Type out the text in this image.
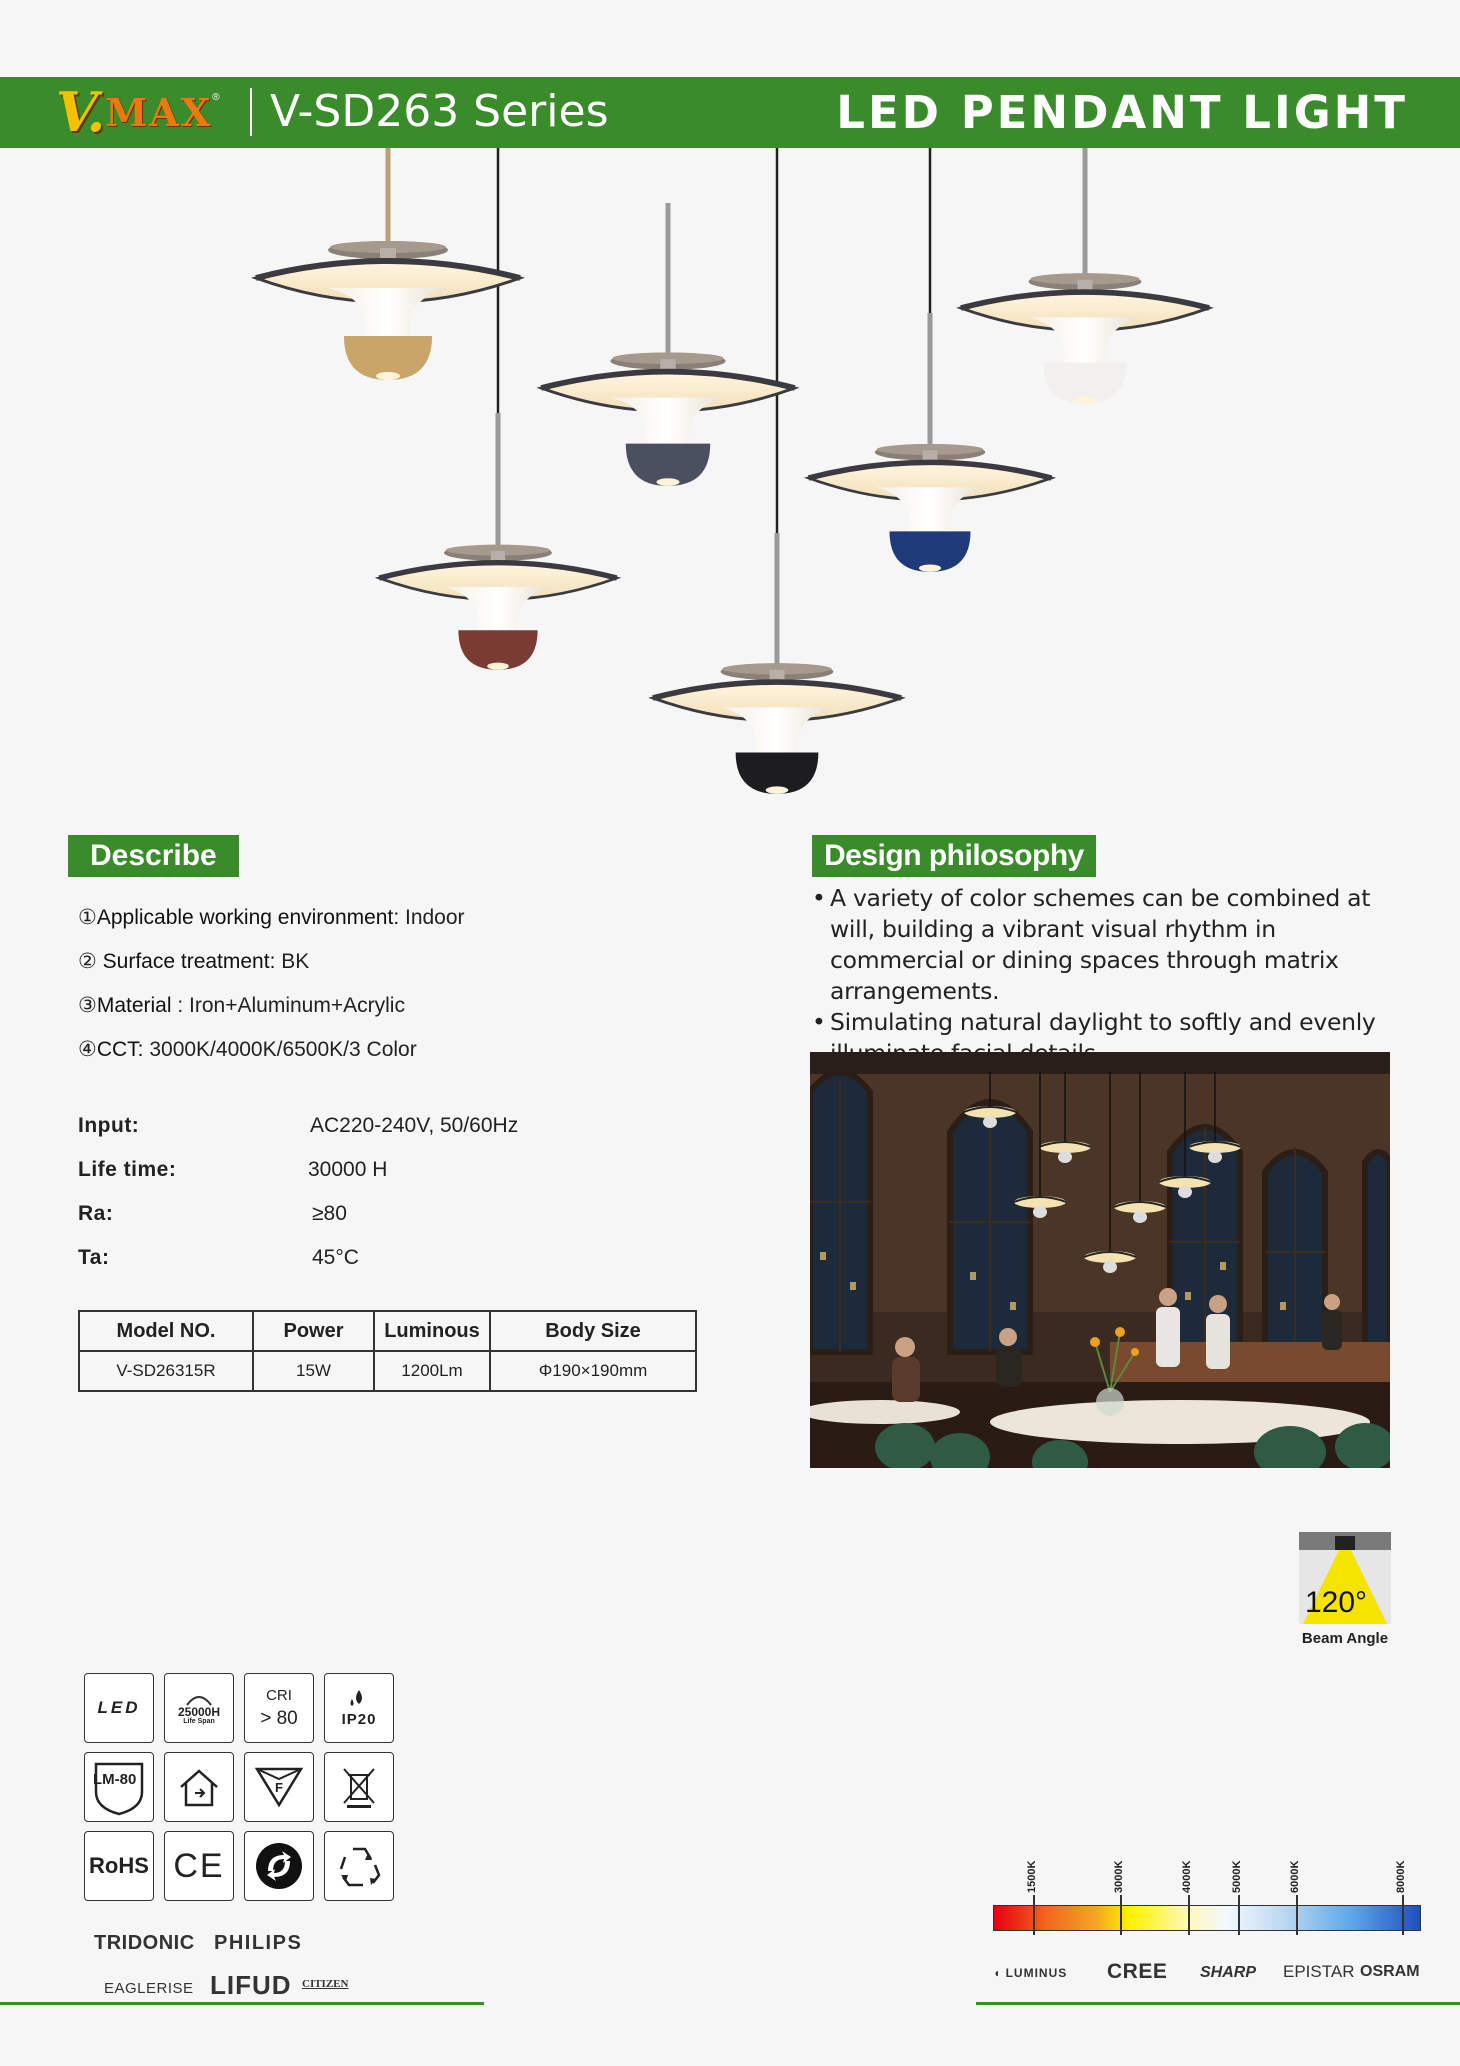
V. MAX ® V-SD263 Series	LED PENDANT LIGHT
Describe
①Applicable working environment: Indoor
② Surface treatment: BK
③Material : Iron+Aluminum+Acrylic
④CCT: 3000K/4000K/6500K/3 Color
Input:	AC220-240V, 50/60Hz
Life time:	30000 H
Ra:	≥80
Ta:	45°C
Model NO.	Power	Luminous	Body Size
V-SD26315R	15W	1200Lm	Φ190×190mm
Design philosophy
• A variety of color schemes can be combined at will, building a vibrant visual rhythm in commercial or dining spaces through matrix arrangements.
• Simulating natural daylight to softly and evenly
120°
Beam Angle
LED	25000H
Life Span
CRI
> 80	IP20
LM-80	F
RoHS CE
TRIDONIC PHILIPS
EAGLERISE LIFUD CITIZEN
1500K	3000K	4000K	5000K	6000K	8000K
◖ LUMINUS CREE SHARP EPISTAR OSRAM
